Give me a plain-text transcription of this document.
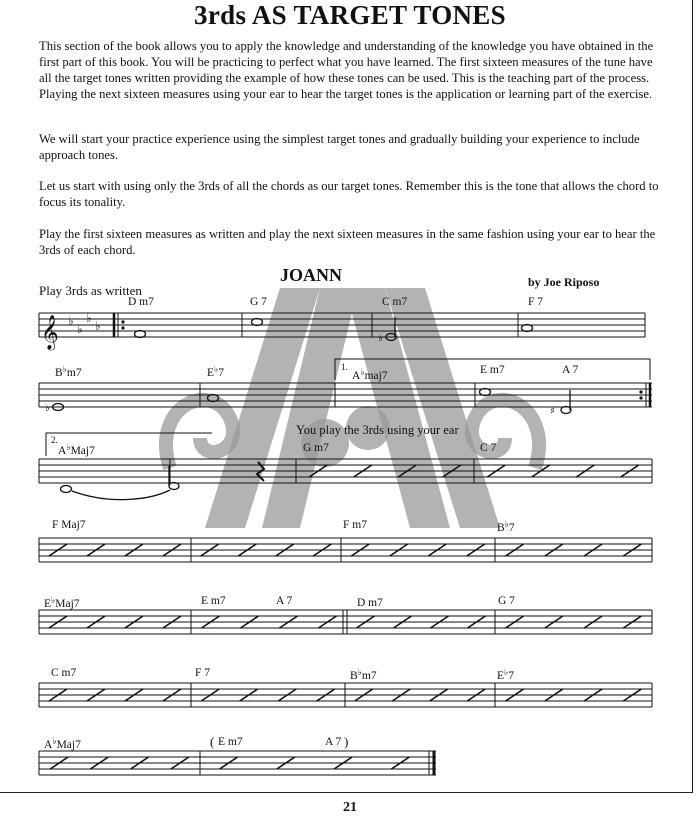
3rds AS TARGET TONES

This section of the book allows you to apply the knowledge and understanding of the knowledge you have obtained in the first part of this book. You will be practicing to perfect what you have learned. The first sixteen measures of the tune have all the target tones written providing the example of how these tones can be used. This is the teaching part of the process. Playing the next sixteen measures using your ear to hear the target tones is the application or learning part of the exercise.

We will start your practice experience using the simplest target tones and gradually building your experience to include approach tones.

Let us start with using only the 3rds of all the chords as our target tones. Remember this is the tone that allows the chord to focus its tonality.

Play the first sixteen measures as written and play the next sixteen measures in the same fashion using your ear to hear the 3rds of each chord.

JOANN	by Joe Riposo
Play 3rds as written
You play the 3rds using your ear
D m7	G 7	C m7	F 7
B♭m7	E♭7	1.
A♭maj7	E m7	A 7
2.
A♭Maj7	G m7	C 7
F Maj7	F m7	B♭7
E♭Maj7	E m7	A 7	D m7	G 7
C m7	F 7	B♭m7	E♭7
A♭Maj7	( E m7	A 7 )
𝄞 ♭
♭
♭
♭
♭
♭	♯
21
